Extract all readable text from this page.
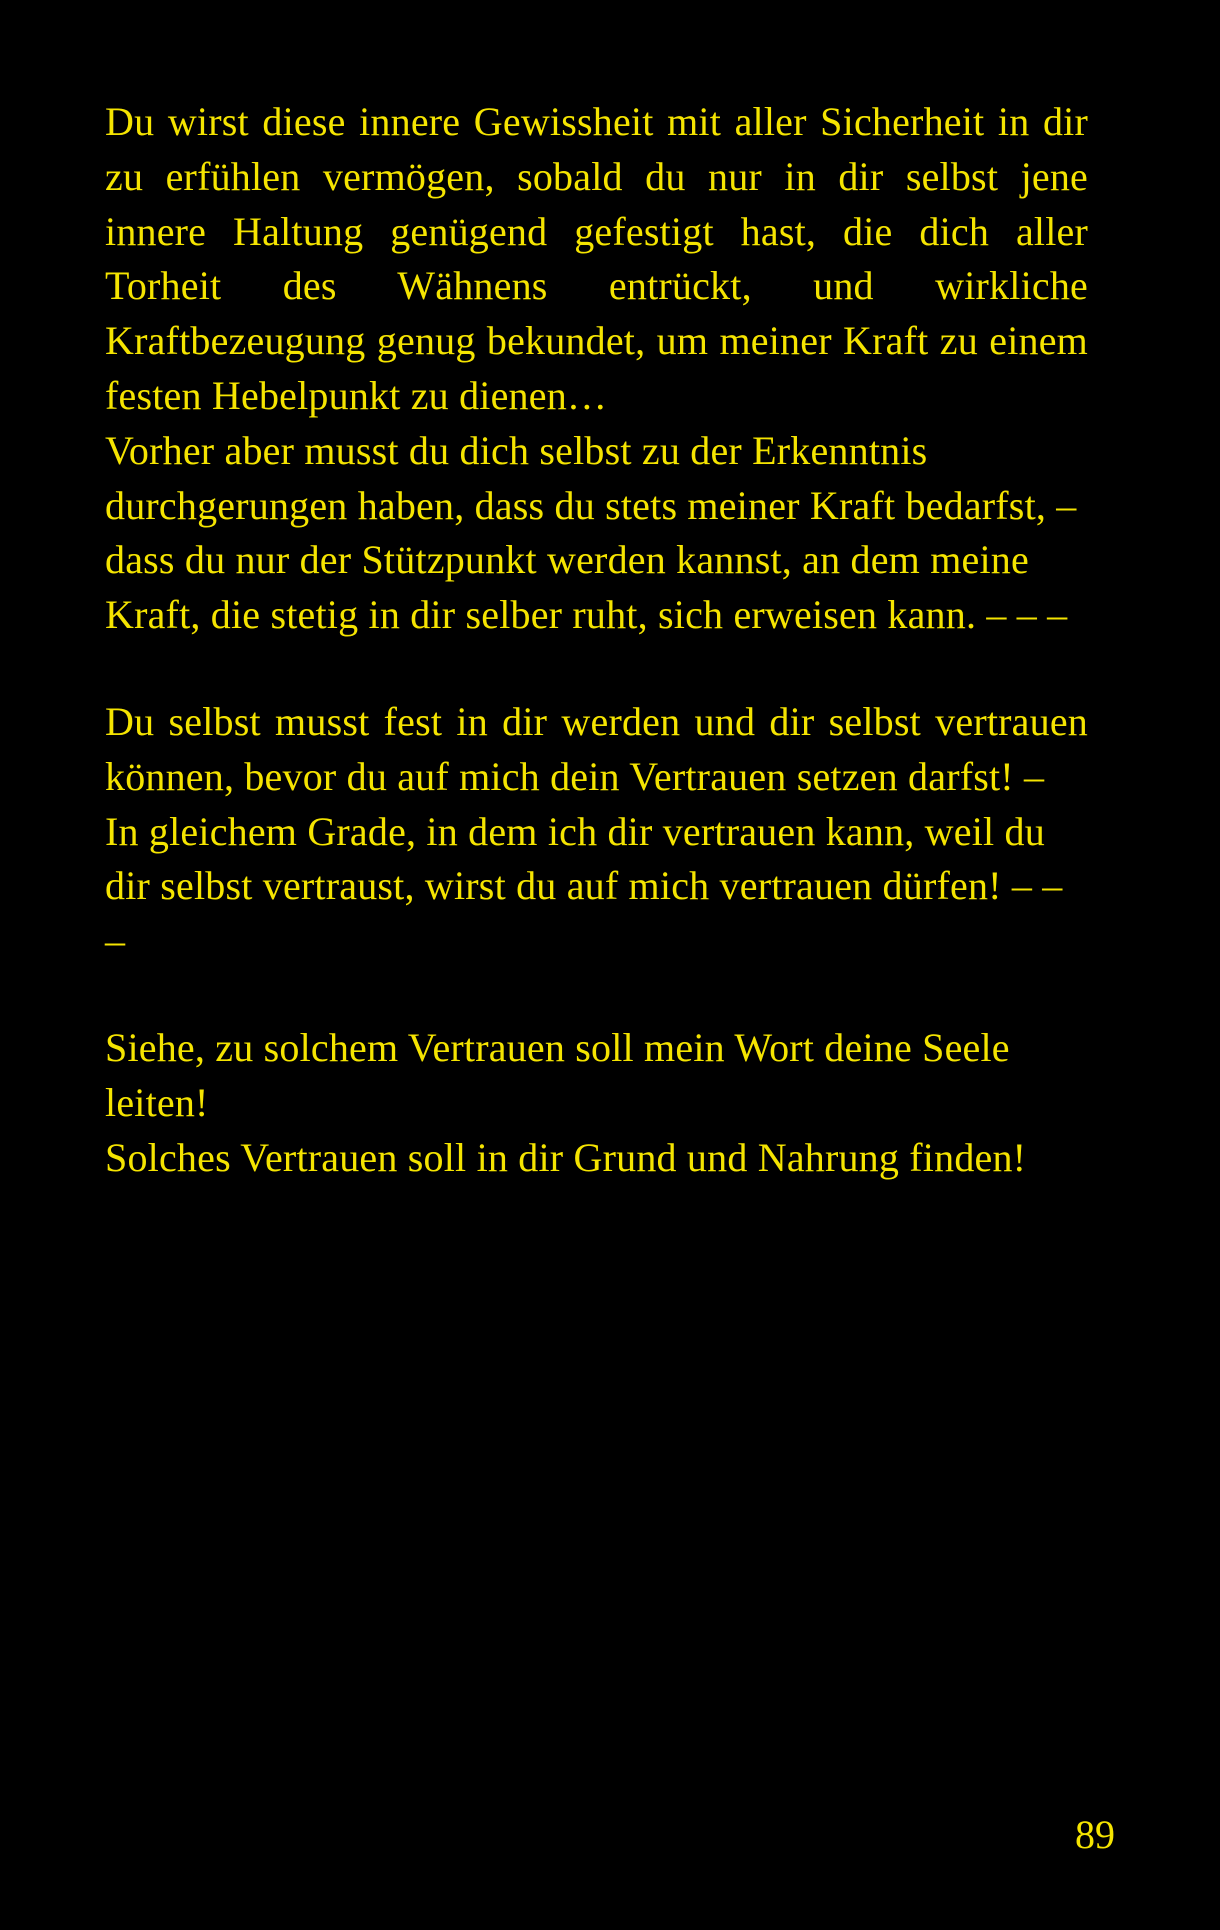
Du wirst diese innere Gewissheit mit aller Sicherheit in dir zu erfühlen vermögen, sobald du nur in dir selbst jene innere Haltung genügend gefestigt hast, die dich aller Torheit des Wähnens entrückt, und wirkliche Kraftbezeugung genug bekundet, um meiner Kraft zu einem festen Hebelpunkt zu dienen…

Vorher aber musst du dich selbst zu der Erkenntnis durchgerungen haben, dass du stets meiner Kraft bedarfst, – dass du nur der Stützpunkt werden kannst, an dem meine Kraft, die stetig in dir selber ruht, sich erweisen kann. – – –

Du selbst musst fest in dir werden und dir selbst vertrauen können, bevor du auf mich dein Vertrauen setzen darfst! –

In gleichem Grade, in dem ich dir vertrauen kann, weil du dir selbst vertraust, wirst du auf mich vertrauen dürfen! – – –

Siehe, zu solchem Vertrauen soll mein Wort deine Seele leiten!

Solches Vertrauen soll in dir Grund und Nahrung finden!

89
